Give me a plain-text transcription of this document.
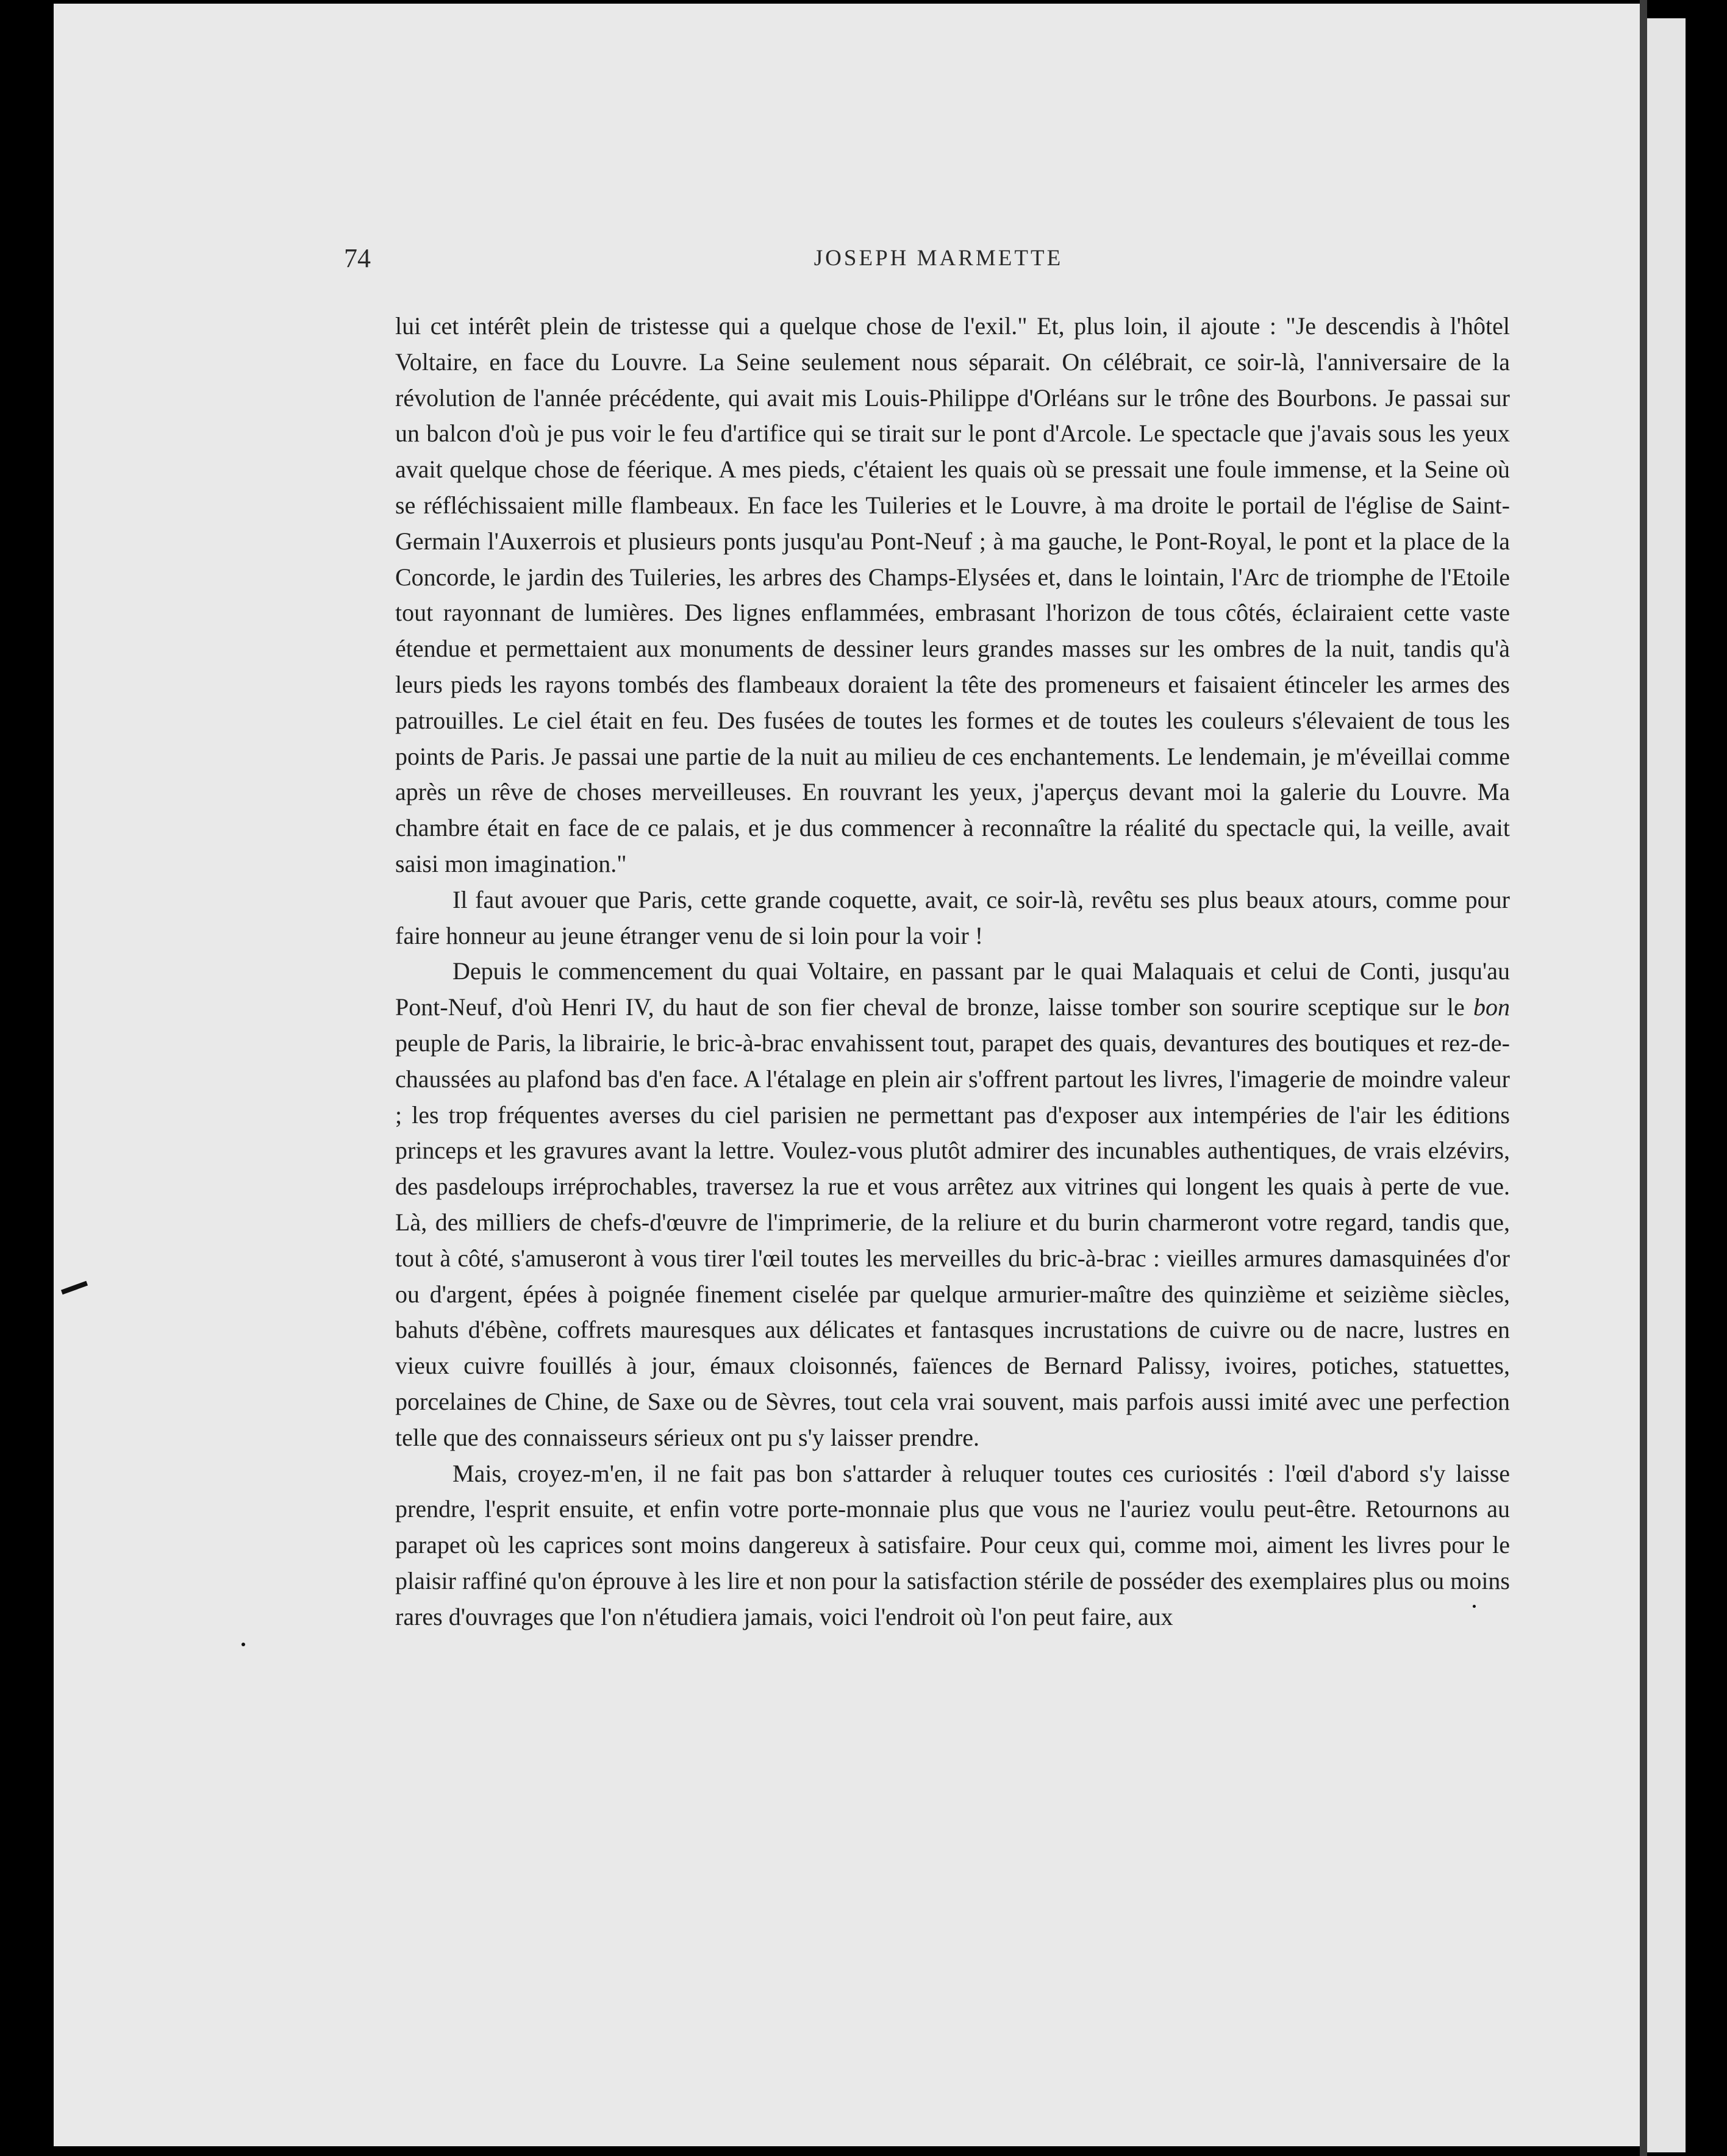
74	JOSEPH MARMETTE

lui cet intérêt plein de tristesse qui a quelque chose de l'exil." Et, plus loin, il ajoute : "Je descendis à l'hôtel Voltaire, en face du Louvre. La Seine seulement nous séparait. On célébrait, ce soir-là, l'anniversaire de la révolution de l'année précédente, qui avait mis Louis-Philippe d'Orléans sur le trône des Bourbons. Je passai sur un balcon d'où je pus voir le feu d'artifice qui se tirait sur le pont d'Arcole. Le spectacle que j'avais sous les yeux avait quelque chose de féerique. A mes pieds, c'étaient les quais où se pressait une foule immense, et la Seine où se réfléchissaient mille flambeaux. En face les Tuileries et le Louvre, à ma droite le portail de l'église de Saint-Germain l'Auxerrois et plusieurs ponts jusqu'au Pont-Neuf ; à ma gauche, le Pont-Royal, le pont et la place de la Concorde, le jardin des Tuileries, les arbres des Champs-Elysées et, dans le lointain, l'Arc de triomphe de l'Etoile tout rayonnant de lumières. Des lignes enflammées, embrasant l'horizon de tous côtés, éclairaient cette vaste étendue et permettaient aux monuments de dessiner leurs grandes masses sur les ombres de la nuit, tandis qu'à leurs pieds les rayons tombés des flambeaux doraient la tête des promeneurs et faisaient étinceler les armes des patrouilles. Le ciel était en feu. Des fusées de toutes les formes et de toutes les couleurs s'élevaient de tous les points de Paris. Je passai une partie de la nuit au milieu de ces enchantements. Le lendemain, je m'éveillai comme après un rêve de choses merveilleuses. En rouvrant les yeux, j'aperçus devant moi la galerie du Louvre. Ma chambre était en face de ce palais, et je dus commencer à reconnaître la réalité du spectacle qui, la veille, avait saisi mon imagination."

Il faut avouer que Paris, cette grande coquette, avait, ce soir-là, revêtu ses plus beaux atours, comme pour faire honneur au jeune étranger venu de si loin pour la voir !

Depuis le commencement du quai Voltaire, en passant par le quai Malaquais et celui de Conti, jusqu'au Pont-Neuf, d'où Henri IV, du haut de son fier cheval de bronze, laisse tomber son sourire sceptique sur le bon peuple de Paris, la librairie, le bric-à-brac envahissent tout, parapet des quais, devantures des boutiques et rez-de-chaussées au plafond bas d'en face. A l'étalage en plein air s'offrent partout les livres, l'imagerie de moindre valeur ; les trop fréquentes averses du ciel parisien ne permettant pas d'exposer aux intempéries de l'air les éditions princeps et les gravures avant la lettre. Voulez-vous plutôt admirer des incunables authentiques, de vrais elzévirs, des pasdeloups irréprochables, traversez la rue et vous arrêtez aux vitrines qui longent les quais à perte de vue. Là, des milliers de chefs-d'œuvre de l'imprimerie, de la reliure et du burin charmeront votre regard, tandis que, tout à côté, s'amuseront à vous tirer l'œil toutes les merveilles du bric-à-brac : vieilles armures damasquinées d'or ou d'argent, épées à poignée finement ciselée par quelque armurier-maître des quinzième et seizième siècles, bahuts d'ébène, coffrets mauresques aux délicates et fantasques incrustations de cuivre ou de nacre, lustres en vieux cuivre fouillés à jour, émaux cloisonnés, faïences de Bernard Palissy, ivoires, potiches, statuettes, porcelaines de Chine, de Saxe ou de Sèvres, tout cela vrai souvent, mais parfois aussi imité avec une perfection telle que des connaisseurs sérieux ont pu s'y laisser prendre.

Mais, croyez-m'en, il ne fait pas bon s'attarder à reluquer toutes ces curiosités : l'œil d'abord s'y laisse prendre, l'esprit ensuite, et enfin votre porte-monnaie plus que vous ne l'auriez voulu peut-être. Retournons au parapet où les caprices sont moins dangereux à satisfaire. Pour ceux qui, comme moi, aiment les livres pour le plaisir raffiné qu'on éprouve à les lire et non pour la satisfaction stérile de posséder des exemplaires plus ou moins rares d'ouvrages que l'on n'étudiera jamais, voici l'endroit où l'on peut faire, aux
